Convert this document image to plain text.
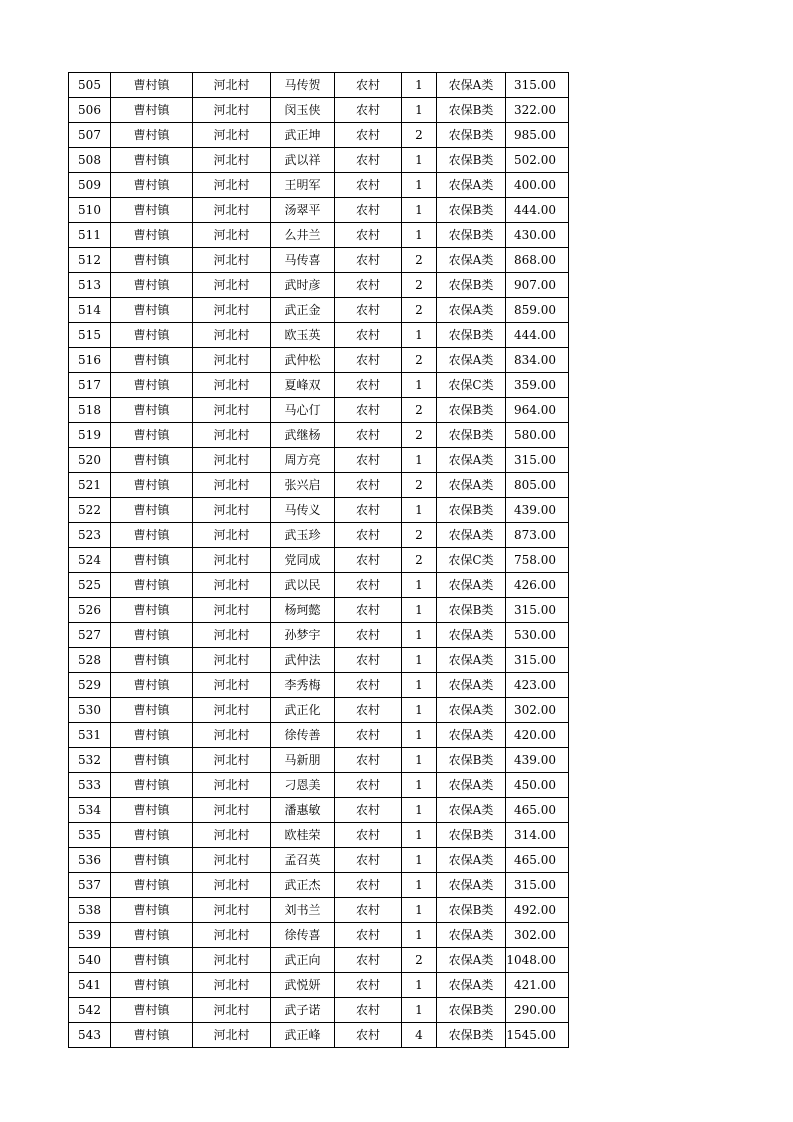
505	曹村镇	河北村	马传贺	农村	1	农保A类	315.00
506	曹村镇	河北村	闵玉侠	农村	1	农保B类	322.00
507	曹村镇	河北村	武正坤	农村	2	农保B类	985.00
508	曹村镇	河北村	武以祥	农村	1	农保B类	502.00
509	曹村镇	河北村	王明军	农村	1	农保A类	400.00
510	曹村镇	河北村	汤翠平	农村	1	农保B类	444.00
511	曹村镇	河北村	么井兰	农村	1	农保B类	430.00
512	曹村镇	河北村	马传喜	农村	2	农保A类	868.00
513	曹村镇	河北村	武时彦	农村	2	农保B类	907.00
514	曹村镇	河北村	武正金	农村	2	农保A类	859.00
515	曹村镇	河北村	欧玉英	农村	1	农保B类	444.00
516	曹村镇	河北村	武仲松	农村	2	农保A类	834.00
517	曹村镇	河北村	夏峰双	农村	1	农保C类	359.00
518	曹村镇	河北村	马心仃	农村	2	农保B类	964.00
519	曹村镇	河北村	武继杨	农村	2	农保B类	580.00
520	曹村镇	河北村	周方亮	农村	1	农保A类	315.00
521	曹村镇	河北村	张兴启	农村	2	农保A类	805.00
522	曹村镇	河北村	马传义	农村	1	农保B类	439.00
523	曹村镇	河北村	武玉珍	农村	2	农保A类	873.00
524	曹村镇	河北村	党同成	农村	2	农保C类	758.00
525	曹村镇	河北村	武以民	农村	1	农保A类	426.00
526	曹村镇	河北村	杨珂懿	农村	1	农保B类	315.00
527	曹村镇	河北村	孙梦宇	农村	1	农保A类	530.00
528	曹村镇	河北村	武仲法	农村	1	农保A类	315.00
529	曹村镇	河北村	李秀梅	农村	1	农保A类	423.00
530	曹村镇	河北村	武正化	农村	1	农保A类	302.00
531	曹村镇	河北村	徐传善	农村	1	农保A类	420.00
532	曹村镇	河北村	马新朋	农村	1	农保B类	439.00
533	曹村镇	河北村	刁恩美	农村	1	农保A类	450.00
534	曹村镇	河北村	潘惠敏	农村	1	农保A类	465.00
535	曹村镇	河北村	欧桂荣	农村	1	农保B类	314.00
536	曹村镇	河北村	孟召英	农村	1	农保A类	465.00
537	曹村镇	河北村	武正杰	农村	1	农保A类	315.00
538	曹村镇	河北村	刘书兰	农村	1	农保B类	492.00
539	曹村镇	河北村	徐传喜	农村	1	农保A类	302.00
540	曹村镇	河北村	武正向	农村	2	农保A类	1048.00
541	曹村镇	河北村	武悦妍	农村	1	农保A类	421.00
542	曹村镇	河北村	武子诺	农村	1	农保B类	290.00
543	曹村镇	河北村	武正峰	农村	4	农保B类	1545.00
